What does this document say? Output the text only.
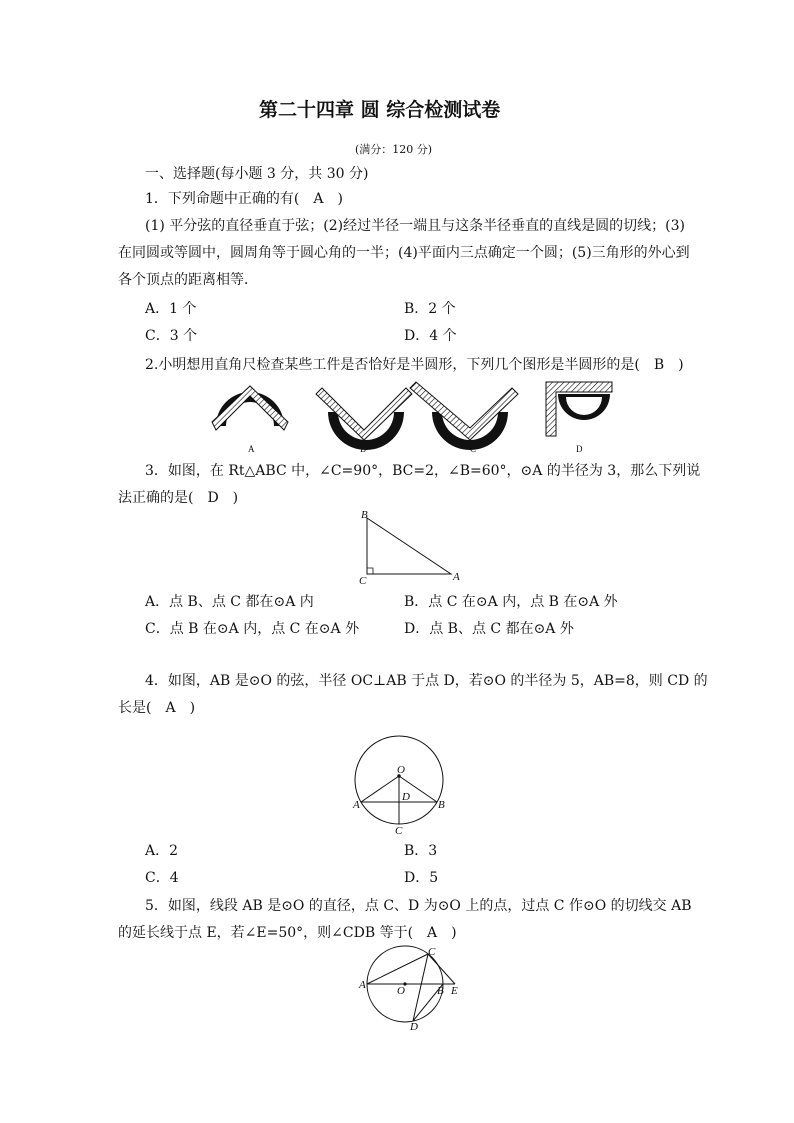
第二十四章 圆 综合检测试卷
(满分：120 分)
一、选择题(每小题 3 分，共 30 分)
1．下列命题中正确的有(　A　)
(1) 平分弦的直径垂直于弦；(2)经过半径一端且与这条半径垂直的直线是圆的切线；(3)
在同圆或等圆中，圆周角等于圆心角的一半；(4)平面内三点确定一个圆；(5)三角形的外心到
各个顶点的距离相等．
A．1 个	B．2 个
C．3 个	D．4 个
2.小明想用直角尺检查某些工件是否恰好是半圆形，下列几个图形是半圆形的是(　B　)
A	B	C	D
3．如图，在 Rt△ABC 中，∠C=90°，BC=2，∠B=60°，⊙A 的半径为 3，那么下列说
法正确的是(　D　)
B
C	A
A．点 B、点 C 都在⊙A 内	B．点 C 在⊙A 内，点 B 在⊙A 外
C．点 B 在⊙A 内，点 C 在⊙A 外	D．点 B、点 C 都在⊙A 外
4．如图，AB 是⊙O 的弦，半径 OC⊥AB 于点 D，若⊙O 的半径为 5，AB=8，则 CD 的
长是(　A　)
O
A
D
B
C
A．2	B．3
C．4	D．5
5．如图，线段 AB 是⊙O 的直径，点 C、D 为⊙O 上的点，过点 C 作⊙O 的切线交 AB
的延长线于点 E，若∠E=50°，则∠CDB 等于(　A　)
C
A	O	B E
D
